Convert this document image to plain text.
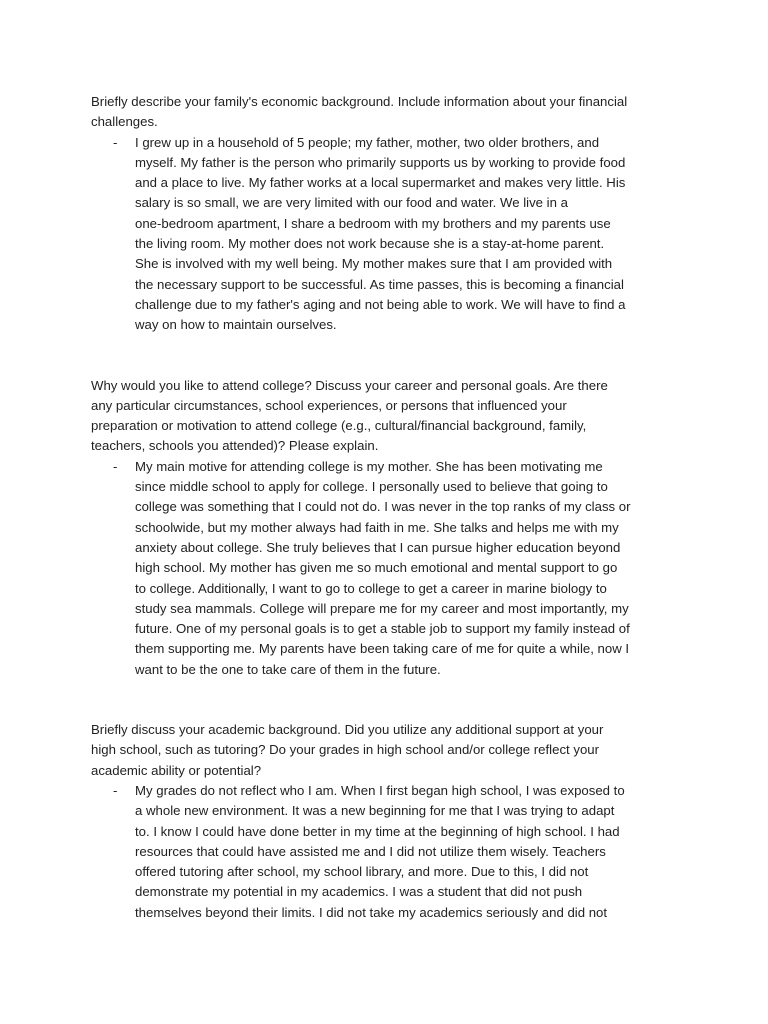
Briefly describe your family's economic background. Include information about your financial
challenges.

-	I grew up in a household of 5 people; my father, mother, two older brothers, and
myself. My father is the person who primarily supports us by working to provide food
and a place to live. My father works at a local supermarket and makes very little. His
salary is so small, we are very limited with our food and water. We live in a
one-bedroom apartment, I share a bedroom with my brothers and my parents use
the living room. My mother does not work because she is a stay-at-home parent.
She is involved with my well being. My mother makes sure that I am provided with
the necessary support to be successful. As time passes, this is becoming a financial
challenge due to my father's aging and not being able to work. We will have to find a
way on how to maintain ourselves.

Why would you like to attend college? Discuss your career and personal goals. Are there
any particular circumstances, school experiences, or persons that influenced your
preparation or motivation to attend college (e.g., cultural/financial background, family,
teachers, schools you attended)? Please explain.

-	My main motive for attending college is my mother. She has been motivating me
since middle school to apply for college. I personally used to believe that going to
college was something that I could not do. I was never in the top ranks of my class or
schoolwide, but my mother always had faith in me. She talks and helps me with my
anxiety about college. She truly believes that I can pursue higher education beyond
high school. My mother has given me so much emotional and mental support to go
to college. Additionally, I want to go to college to get a career in marine biology to
study sea mammals. College will prepare me for my career and most importantly, my
future. One of my personal goals is to get a stable job to support my family instead of
them supporting me. My parents have been taking care of me for quite a while, now I
want to be the one to take care of them in the future.

Briefly discuss your academic background. Did you utilize any additional support at your
high school, such as tutoring? Do your grades in high school and/or college reflect your
academic ability or potential?

-	My grades do not reflect who I am. When I first began high school, I was exposed to
a whole new environment. It was a new beginning for me that I was trying to adapt
to. I know I could have done better in my time at the beginning of high school. I had
resources that could have assisted me and I did not utilize them wisely. Teachers
offered tutoring after school, my school library, and more. Due to this, I did not
demonstrate my potential in my academics. I was a student that did not push
themselves beyond their limits. I did not take my academics seriously and did not
